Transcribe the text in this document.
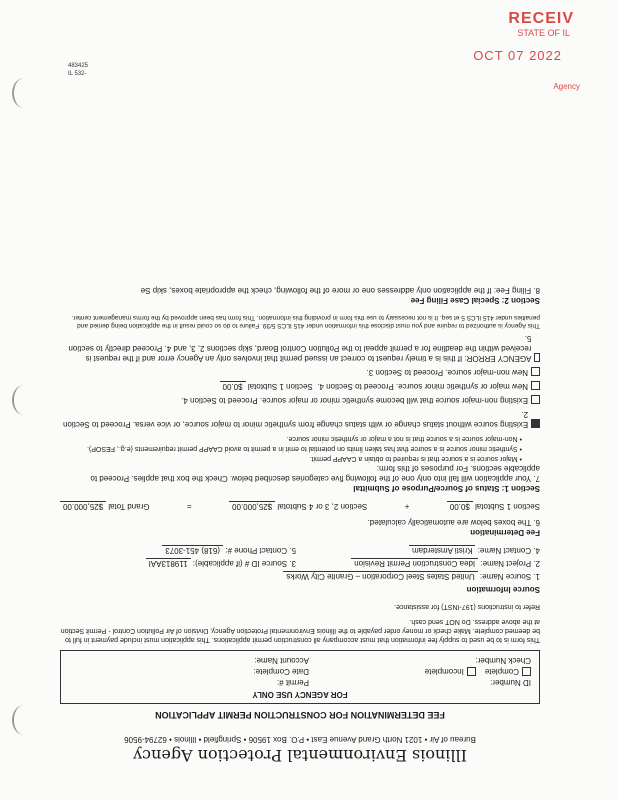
RECEIV
STATE OF IL
OCT 07 2022
Agency
483425
IL 532-
Illinois Environmental Protection Agency
Bureau of Air • 1021 North Grand Avenue East • P.O. Box 19506 • Springfield • Illinois • 62794-9506
FEE DETERMINATION FOR CONSTRUCTION PERMIT APPLICATION
FOR AGENCY USE ONLY
ID Number:
Complete    Incomplete
Check Number:
Permit #:
Date Complete:
Account Name:
This form is to be used to supply fee information that must accompany all construction permit applications. This application must include payment in full to be deemed complete. Make check or money order payable to the Illinois Environmental Protection Agency, Division of Air Pollution Control - Permit Section at the above address. Do NOT send cash.
Refer to instructions (197-INST) for assistance.
Source Information
1. Source Name: United States Steel Corporation – Granite City Works
2. Project Name: Idea Construction Permit Revision
3. Source ID # (if applicable): 119813AAI
4. Contact Name: Kristi Amsterdam
5. Contact Phone #: (618) 451-3073
Fee Determination
6. The boxes below are automatically calculated.
Section 1 Subtotal $0.00
+
Section 2, 3 or 4 Subtotal $25,000.00
=
Grand Total $25,000.00
Section 1: Status of Source/Purpose of Submittal
7. Your application will fall into only one of the following five categories described below. Check the box that applies. Proceed to applicable sections. For purposes of this form:
• Major source is a source that is required to obtain a CAAPP permit.
• Synthetic minor source is a source that has taken limits on potential to emit in a permit to avoid CAAPP permit requirements (e.g., FESOP).
• Non-major source is a source that is not a major or synthetic minor source.
Existing source without status change or with status change from synthetic minor to major source, or vice versa. Proceed to Section 2.
Existing non-major source that will become synthetic minor or major source. Proceed to Section 4.
New major or synthetic minor source. Proceed to Section 4.

Section 1 Subtotal $0.00
New non-major source. Proceed to Section 3.
AGENCY ERROR: If this is a timely request to correct an issued permit that involves only an Agency error and if the request is received within the deadline for a permit appeal to the Pollution Control Board, skip sections 2, 3, and 4. Proceed directly to section 5.
This Agency is authorized to require and you must disclose this information under 415 ILCS 5/39. Failure to do so could result in the application being denied and penalties under 415 ILCS 5 et seq. It is not necessary to use this form in providing this information. This form has been approved by the forms management center.
Section 2: Special Case Filing Fee
8. Filing Fee: If the application only addresses one or more of the following, check the appropriate boxes, skip Se
